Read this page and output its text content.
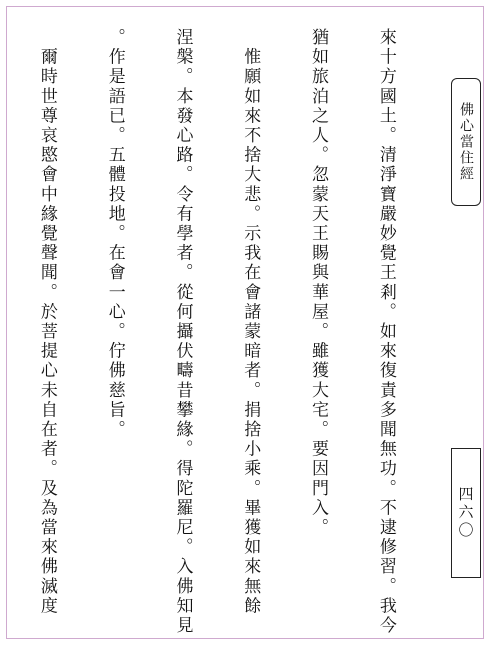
來十方國土。清淨寶嚴妙覺王剎。如來復責多聞無功。不逮修習。我今

猶如旅泊之人。忽蒙天王賜與華屋。雖獲大宅。要因門入。

　惟願如來不捨大悲。示我在會諸蒙暗者。捐捨小乘。畢獲如來無餘

涅槃。本發心路。令有學者。從何攝伏疇昔攀緣。得陀羅尼。入佛知見

。作是語已。五體投地。在會一心。佇佛慈旨。

　爾時世尊哀愍會中緣覺聲聞。於菩提心未自在者。及為當來佛滅度

	佛心當住經
四六〇
